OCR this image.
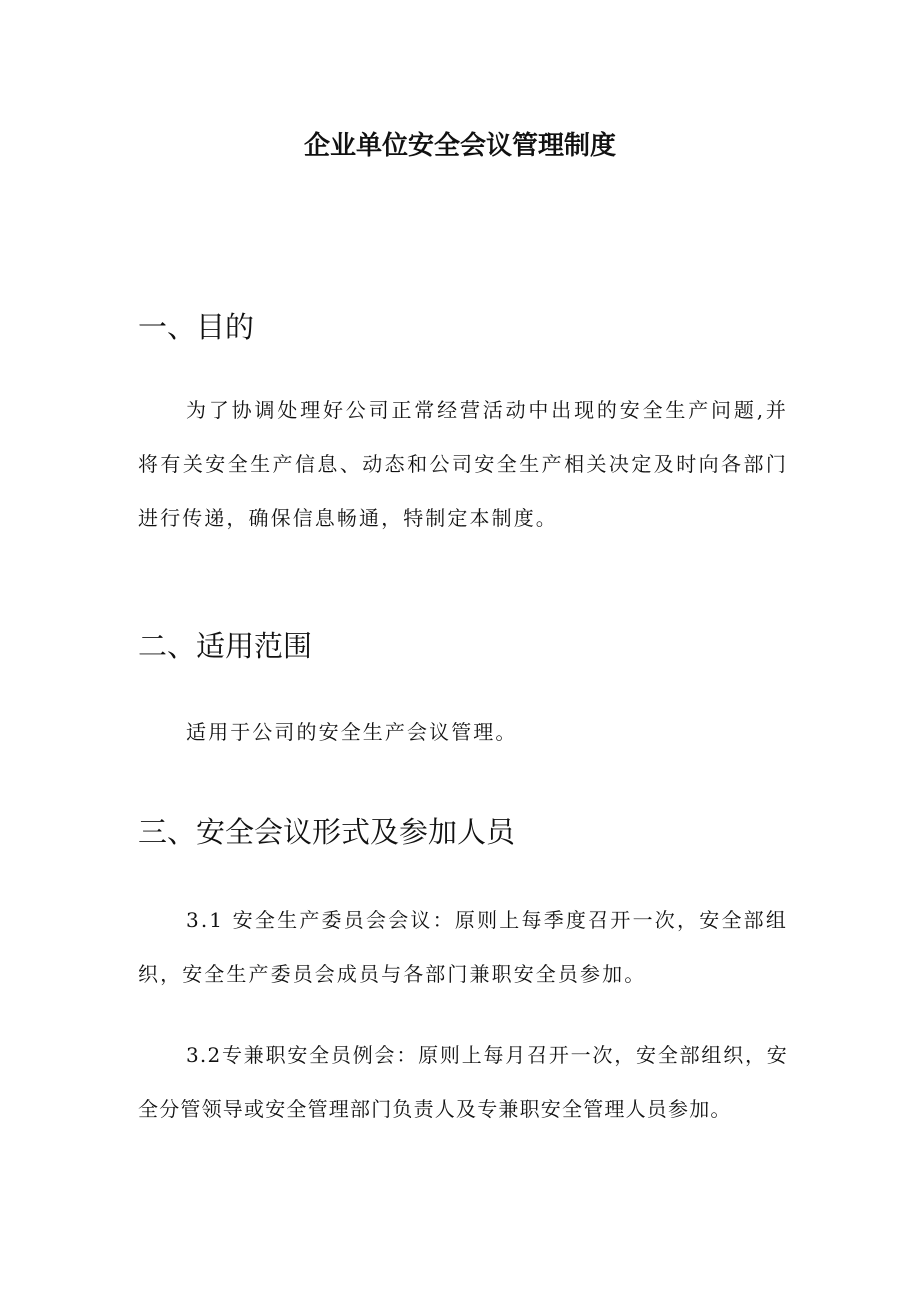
企业单位安全会议管理制度
一、目的
为了协调处理好公司正常经营活动中出现的安全生产问题,并将有关安全生产信息、动态和公司安全生产相关决定及时向各部门进行传递，确保信息畅通，特制定本制度。
二、适用范围
适用于公司的安全生产会议管理。
三、安全会议形式及参加人员
3.1 安全生产委员会会议：原则上每季度召开一次，安全部组织，安全生产委员会成员与各部门兼职安全员参加。
3.2专兼职安全员例会：原则上每月召开一次，安全部组织，安全分管领导或安全管理部门负责人及专兼职安全管理人员参加。
